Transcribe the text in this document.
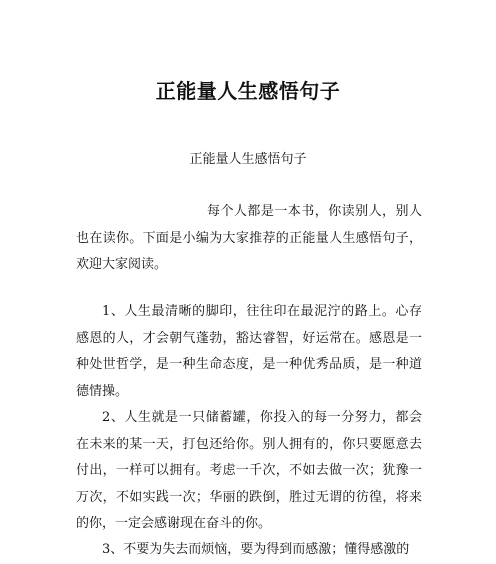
正能量人生感悟句子
正能量人生感悟句子
每个人都是一本书，你读别人，别人也在读你。下面是小编为大家推荐的正能量人生感悟句子，欢迎大家阅读。
1、人生最清晰的脚印，往往印在最泥泞的路上。心存感恩的人，才会朝气蓬勃，豁达睿智，好运常在。感恩是一种处世哲学，是一种生命态度，是一种优秀品质，是一种道德情操。
2、人生就是一只储蓄罐，你投入的每一分努力，都会在未来的某一天，打包还给你。别人拥有的，你只要愿意去付出，一样可以拥有。考虑一千次，不如去做一次；犹豫一万次，不如实践一次；华丽的跌倒，胜过无谓的彷徨，将来的你，一定会感谢现在奋斗的你。
3、不要为失去而烦恼，要为得到而感激；懂得感激的
